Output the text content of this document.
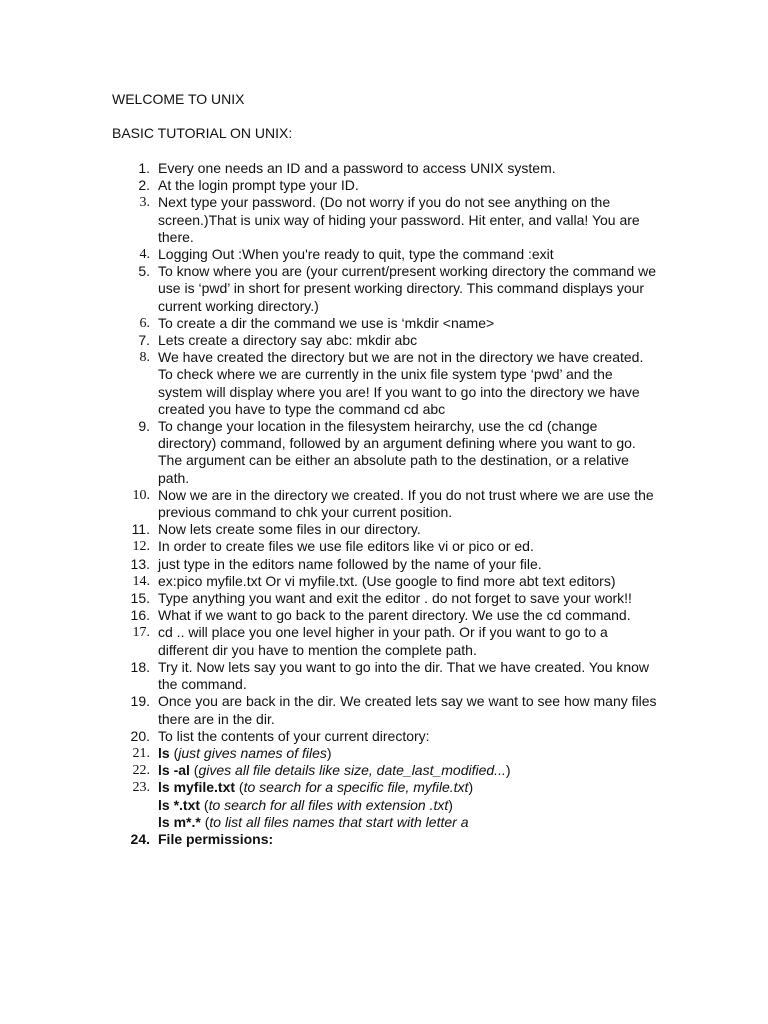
WELCOME TO UNIX
BASIC TUTORIAL ON UNIX:
1. Every one needs an ID and a password to access UNIX system.
2. At the login prompt type your ID.
3. Next type your password. (Do not worry if you do not see anything on the screen.)That is unix way of hiding your password. Hit enter, and valla! You are there.
4. Logging Out :When you're ready to quit, type the command :exit
5. To know where you are (your current/present working directory the command we use is ‘pwd’ in short for present working directory. This command displays your current working directory.)
6. To create a dir the command we use is ‘mkdir <name>
7. Lets create a directory say abc: mkdir abc
8. We have created the directory but we are not in the directory we have created. To check where we are currently in the unix file system type ‘pwd’ and the system will display where you are! If you want to go into the directory we have created you have to type the command cd abc
9. To change your location in the filesystem heirarchy, use the cd (change directory) command, followed by an argument defining where you want to go. The argument can be either an absolute path to the destination, or a relative path.
10. Now we are in the directory we created. If you do not trust where we are use the previous command to chk your current position.
11. Now lets create some files in our directory.
12. In order to create files we use file editors like vi or pico or ed.
13. just type in the editors name followed by the name of your file.
14. ex:pico myfile.txt Or vi myfile.txt. (Use google to find more abt text editors)
15. Type anything you want and exit the editor . do not forget to save your work!!
16. What if we want to go back to the parent directory. We use the cd command.
17. cd .. will place you one level higher in your path. Or if you want to go to a different dir you have to mention the complete path.
18. Try it. Now lets say you want to go into the dir. That we have created. You know the command.
19. Once you are back in the dir. We created lets say we want to see how many files there are in the dir.
20. To list the contents of your current directory:
21. ls (just gives names of files)
22. ls -al (gives all file details like size, date_last_modified...)
23. ls myfile.txt (to search for a specific file, myfile.txt)
ls *.txt (to search for all files with extension .txt)
ls m*.* (to list all files names that start with letter a
24. File permissions:
